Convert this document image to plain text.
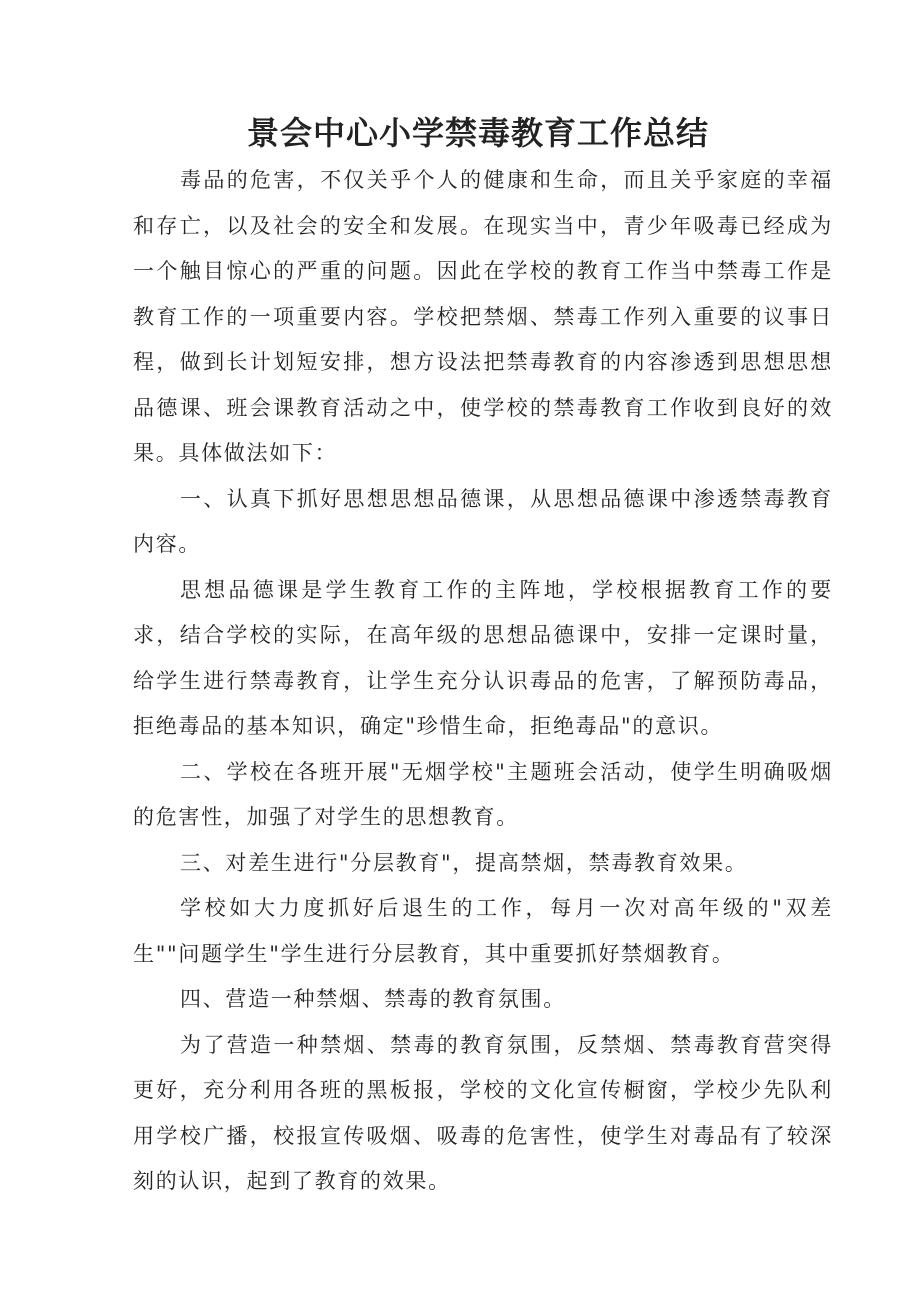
景会中心小学禁毒教育工作总结

毒品的危害，不仅关乎个人的健康和生命，而且关乎家庭的幸福和存亡，以及社会的安全和发展。在现实当中，青少年吸毒已经成为一个触目惊心的严重的问题。因此在学校的教育工作当中禁毒工作是教育工作的一项重要内容。学校把禁烟、禁毒工作列入重要的议事日程，做到长计划短安排，想方设法把禁毒教育的内容渗透到思想思想品德课、班会课教育活动之中，使学校的禁毒教育工作收到良好的效果。具体做法如下：

一、认真下抓好思想思想品德课，从思想品德课中渗透禁毒教育内容。

思想品德课是学生教育工作的主阵地，学校根据教育工作的要求，结合学校的实际，在高年级的思想品德课中，安排一定课时量，给学生进行禁毒教育，让学生充分认识毒品的危害，了解预防毒品，拒绝毒品的基本知识，确定"珍惜生命，拒绝毒品"的意识。

二、学校在各班开展"无烟学校"主题班会活动，使学生明确吸烟的危害性，加强了对学生的思想教育。

三、对差生进行"分层教育"，提高禁烟，禁毒教育效果。

学校如大力度抓好后退生的工作，每月一次对高年级的"双差生""问题学生"学生进行分层教育，其中重要抓好禁烟教育。

四、营造一种禁烟、禁毒的教育氛围。

为了营造一种禁烟、禁毒的教育氛围，反禁烟、禁毒教育营突得更好，充分利用各班的黑板报，学校的文化宣传橱窗，学校少先队利用学校广播，校报宣传吸烟、吸毒的危害性，使学生对毒品有了较深刻的认识，起到了教育的效果。
